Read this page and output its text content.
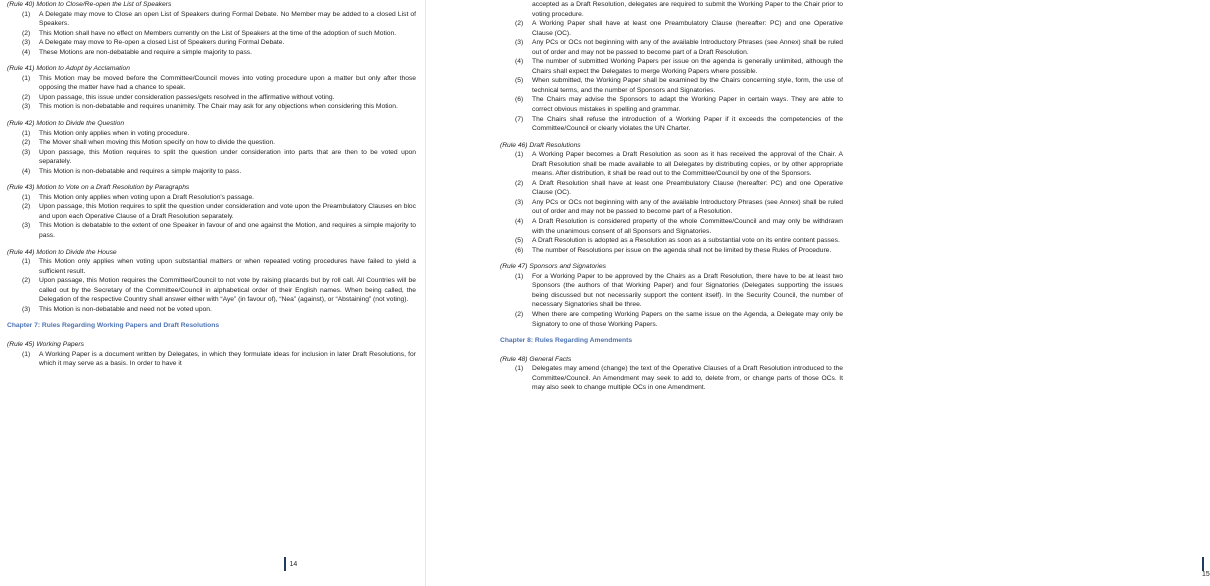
(Rule 40) Motion to Close/Re-open the List of Speakers
(1) A Delegate may move to Close an open List of Speakers during Formal Debate. No Member may be added to a closed List of Speakers.
(2) This Motion shall have no effect on Members currently on the List of Speakers at the time of the adoption of such Motion.
(3) A Delegate may move to Re-open a closed List of Speakers during Formal Debate.
(4) These Motions are non-debatable and require a simple majority to pass.
(Rule 41) Motion to Adopt by Acclamation
(1) This Motion may be moved before the Committee/Council moves into voting procedure upon a matter but only after those opposing the matter have had a chance to speak.
(2) Upon passage, this issue under consideration passes/gets resolved in the affirmative without voting.
(3) This motion is non-debatable and requires unanimity. The Chair may ask for any objections when considering this Motion.
(Rule 42) Motion to Divide the Question
(1) This Motion only applies when in voting procedure.
(2) The Mover shall when moving this Motion specify on how to divide the question.
(3) Upon passage, this Motion requires to split the question under consideration into parts that are then to be voted upon separately.
(4) This Motion is non-debatable and requires a simple majority to pass.
(Rule 43) Motion to Vote on a Draft Resolution by Paragraphs
(1) This Motion only applies when voting upon a Draft Resolution's passage.
(2) Upon passage, this Motion requires to split the question under consideration and vote upon the Preambulatory Clauses en bloc and upon each Operative Clause of a Draft Resolution separately.
(3) This Motion is debatable to the extent of one Speaker in favour of and one against the Motion, and requires a simple majority to pass.
(Rule 44) Motion to Divide the House
(1) This Motion only applies when voting upon substantial matters or when repeated voting procedures have failed to yield a sufficient result.
(2) Upon passage, this Motion requires the Committee/Council to not vote by raising placards but by roll call. All Countries will be called out by the Secretary of the Committee/Council in alphabetical order of their English names. When being called, the Delegation of the respective Country shall answer either with “Aye” (in favour of), “Nea” (against), or “Abstaining” (not voting).
(3) This Motion is non-debatable and need not be voted upon.
Chapter 7: Rules Regarding Working Papers and Draft Resolutions
(Rule 45) Working Papers
(1) A Working Paper is a document written by Delegates, in which they formulate ideas for inclusion in later Draft Resolutions, for which it may serve as a basis. In order to have it
14
accepted as a Draft Resolution, delegates are required to submit the Working Paper to the Chair prior to voting procedure.
(2) A Working Paper shall have at least one Preambulatory Clause (hereafter: PC) and one Operative Clause (OC).
(3) Any PCs or OCs not beginning with any of the available Introductory Phrases (see Annex) shall be ruled out of order and may not be passed to become part of a Draft Resolution.
(4) The number of submitted Working Papers per issue on the agenda is generally unlimited, although the Chairs shall expect the Delegates to merge Working Papers where possible.
(5) When submitted, the Working Paper shall be examined by the Chairs concerning style, form, the use of technical terms, and the number of Sponsors and Signatories.
(6) The Chairs may advise the Sponsors to adapt the Working Paper in certain ways. They are able to correct obvious mistakes in spelling and grammar.
(7) The Chairs shall refuse the introduction of a Working Paper if it exceeds the competencies of the Committee/Council or clearly violates the UN Charter.
(Rule 46) Draft Resolutions
(1) A Working Paper becomes a Draft Resolution as soon as it has received the approval of the Chair. A Draft Resolution shall be made available to all Delegates by distributing copies, or by other appropriate means. After distribution, it shall be read out to the Committee/Council by one of the Sponsors.
(2) A Draft Resolution shall have at least one Preambulatory Clause (hereafter: PC) and one Operative Clause (OC).
(3) Any PCs or OCs not beginning with any of the available Introductory Phrases (see Annex) shall be ruled out of order and may not be passed to become part of a Resolution.
(4) A Draft Resolution is considered property of the whole Committee/Council and may only be withdrawn with the unanimous consent of all Sponsors and Signatories.
(5) A Draft Resolution is adopted as a Resolution as soon as a substantial vote on its entire content passes.
(6) The number of Resolutions per issue on the agenda shall not be limited by these Rules of Procedure.
(Rule 47) Sponsors and Signatories
(1) For a Working Paper to be approved by the Chairs as a Draft Resolution, there have to be at least two Sponsors (the authors of that Working Paper) and four Signatories (Delegates supporting the issues being discussed but not necessarily support the content itself). In the Security Council, the number of necessary Signatories shall be three.
(2) When there are competing Working Papers on the same issue on the Agenda, a Delegate may only be Signatory to one of those Working Papers.
Chapter 8: Rules Regarding Amendments
(Rule 48) General Facts
(1) Delegates may amend (change) the text of the Operative Clauses of a Draft Resolution introduced to the Committee/Council. An Amendment may seek to add to, delete from, or change parts of those OCs. It may also seek to change multiple OCs in one Amendment.
15
